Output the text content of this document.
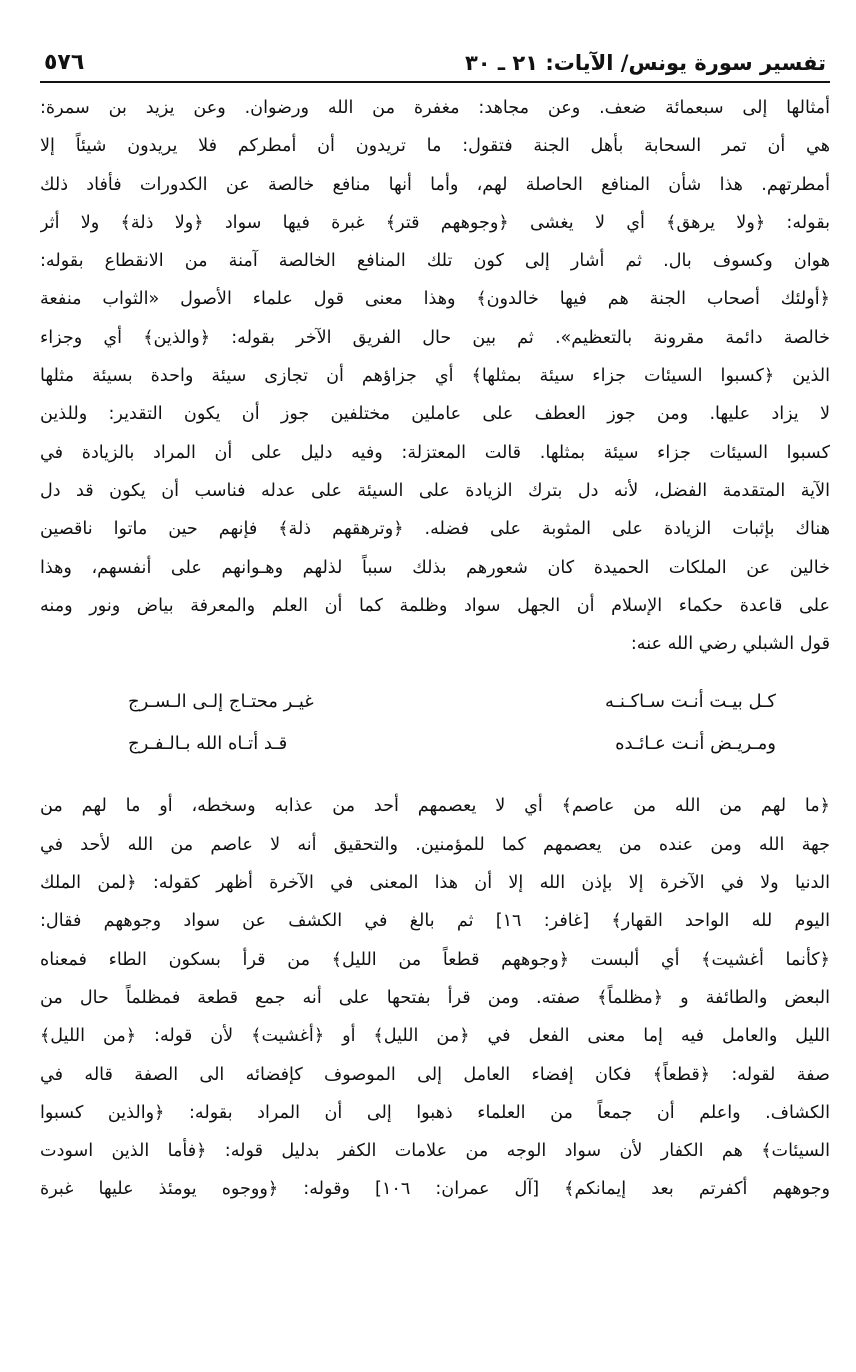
تفسير سورة يونس/ الآيات: ٢١ ـ ٣٠
٥٧٦

أمثالها إلى سبعمائة ضعف. وعن مجاهد: مغفرة من الله ورضوان. وعن يزيد بن سمرة:
هي أن تمر السحابة بأهل الجنة فتقول: ما تريدون أن أمطركم فلا يريدون شيئاً إلا
أمطرتهم. هذا شأن المنافع الحاصلة لهم، وأما أنها منافع خالصة عن الكدورات فأفاد ذلك
بقوله: ﴿ولا يرهق﴾ أي لا يغشى ﴿وجوههم قتر﴾ غبرة فيها سواد ﴿ولا ذلة﴾ ولا أثر
هوان وكسوف بال. ثم أشار إلى كون تلك المنافع الخالصة آمنة من الانقطاع بقوله:
﴿أولئك أصحاب الجنة هم فيها خالدون﴾ وهذا معنى قول علماء الأصول «الثواب منفعة
خالصة دائمة مقرونة بالتعظيم». ثم بين حال الفريق الآخر بقوله: ﴿والذين﴾ أي وجزاء
الذين ﴿كسبوا السيئات جزاء سيئة بمثلها﴾ أي جزاؤهم أن تجازى سيئة واحدة بسيئة مثلها
لا يزاد عليها. ومن جوز العطف على عاملين مختلفين جوز أن يكون التقدير: وللذين
كسبوا السيئات جزاء سيئة بمثلها. قالت المعتزلة: وفيه دليل على أن المراد بالزيادة في
الآية المتقدمة الفضل، لأنه دل بترك الزيادة على السيئة على عدله فناسب أن يكون قد دل
هناك بإثبات الزيادة على المثوبة على فضله. ﴿وترهقهم ذلة﴾ فإنهم حين ماتوا ناقصين
خالين عن الملكات الحميدة كان شعورهم بذلك سبباً لذلهم وهـوانهم على أنفسهم، وهذا
على قاعدة حكماء الإسلام أن الجهل سواد وظلمة كما أن العلم والمعرفة بياض ونور ومنه
قول الشبلي رضي الله عنه:

كـل بيـت أنـت سـاكـنـه
غيـر محتـاج إلـى الـسـرج
ومـريـض أنـت عـائـده
قـد أتـاه الله بـالـفـرج

﴿ما لهم من الله من عاصم﴾ أي لا يعصمهم أحد من عذابه وسخطه، أو ما لهم من
جهة الله ومن عنده من يعصمهم كما للمؤمنين. والتحقيق أنه لا عاصم من الله لأحد في
الدنيا ولا في الآخرة إلا بإذن الله إلا أن هذا المعنى في الآخرة أظهر كقوله: ﴿لمن الملك
اليوم لله الواحد القهار﴾ [غافر: ١٦] ثم بالغ في الكشف عن سواد وجوههم فقال:
﴿كأنما أغشيت﴾ أي ألبست ﴿وجوههم قطعاً من الليل﴾ من قرأ بسكون الطاء فمعناه
البعض والطائفة و ﴿مظلماً﴾ صفته. ومن قرأ بفتحها على أنه جمع قطعة فمظلماً حال من
الليل والعامل فيه إما معنى الفعل في ﴿من الليل﴾ أو ﴿أغشيت﴾ لأن قوله: ﴿من الليل﴾
صفة لقوله: ﴿قطعاً﴾ فكان إفضاء العامل إلى الموصوف كإفضائه الى الصفة قاله في
الكشاف. واعلم أن جمعاً من العلماء ذهبوا إلى أن المراد بقوله: ﴿والذين كسبوا
السيئات﴾ هم الكفار لأن سواد الوجه من علامات الكفر بدليل قوله: ﴿فأما الذين اسودت
وجوههم أكفرتم بعد إيمانكم﴾ [آل عمران: ١٠٦] وقوله: ﴿ووجوه يومئذ عليها غبرة
